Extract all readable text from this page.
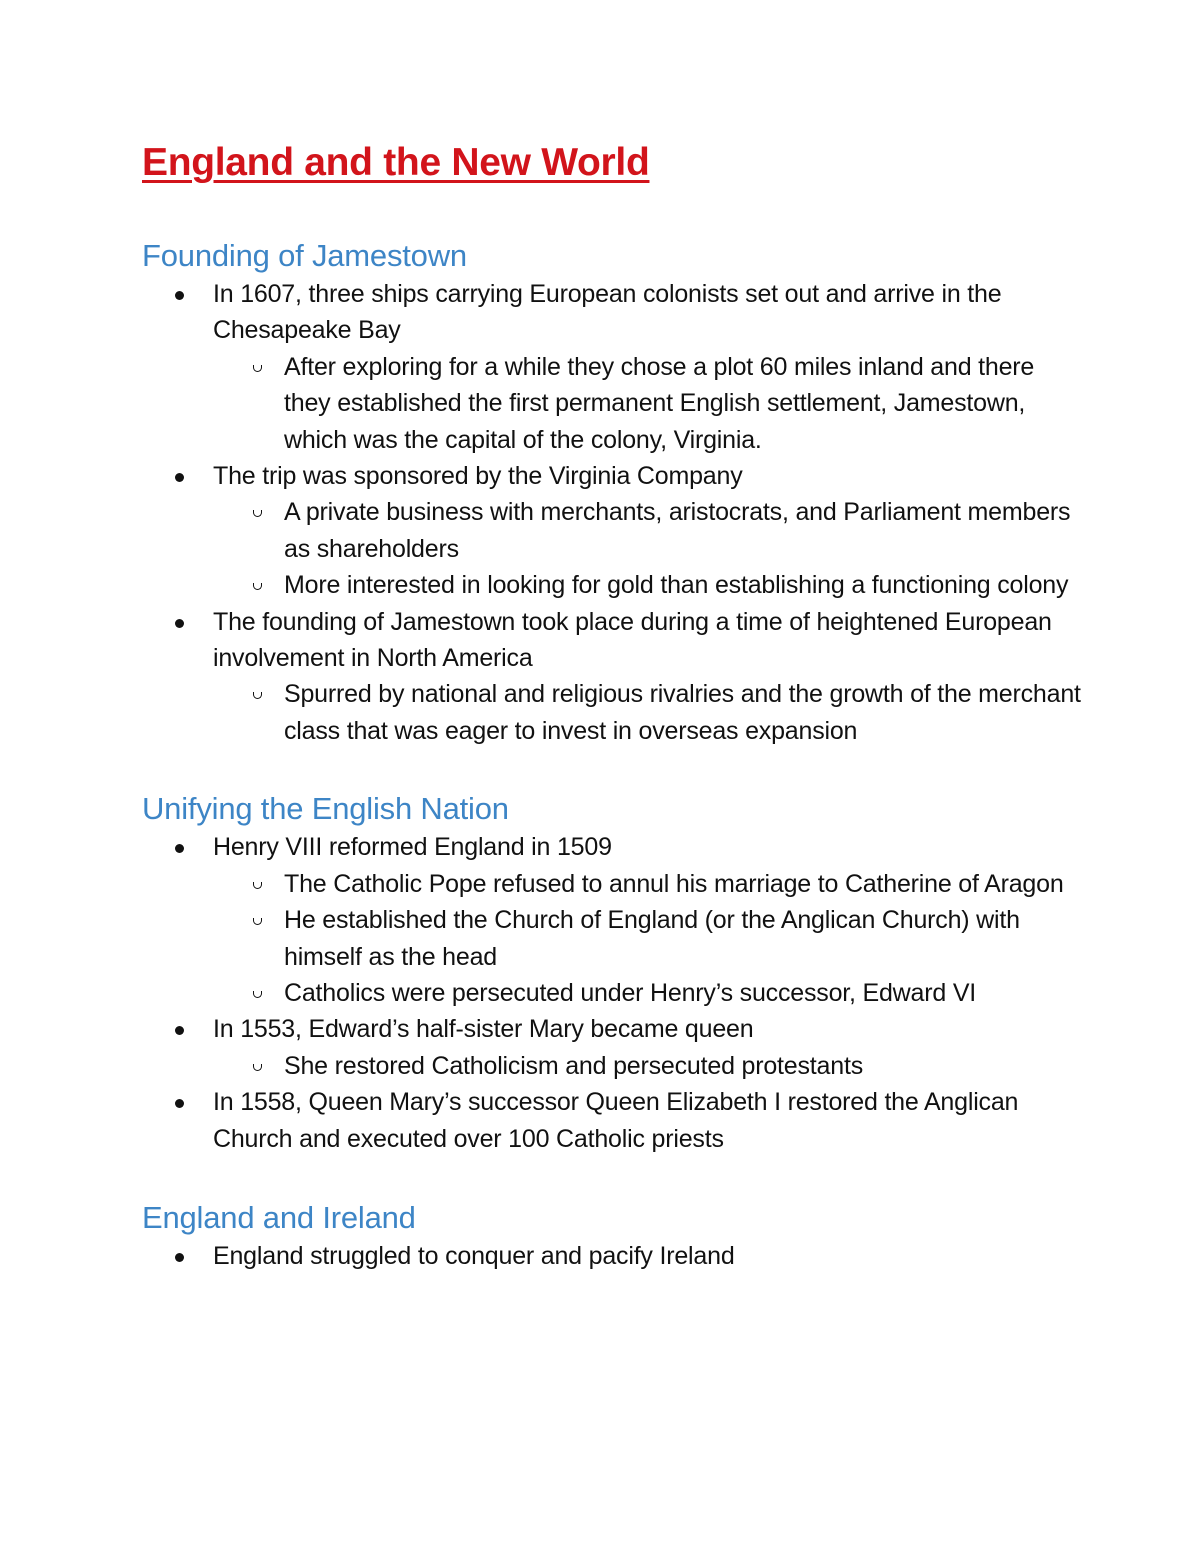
England and the New World
Founding of Jamestown
In 1607, three ships carrying European colonists set out and arrive in the Chesapeake Bay
After exploring for a while they chose a plot 60 miles inland and there they established the first permanent English settlement, Jamestown, which was the capital of the colony, Virginia.
The trip was sponsored by the Virginia Company
A private business with merchants, aristocrats, and Parliament members as shareholders
More interested in looking for gold than establishing a functioning colony
The founding of Jamestown took place during a time of heightened European involvement in North America
Spurred by national and religious rivalries and the growth of the merchant class that was eager to invest in overseas expansion
Unifying the English Nation
Henry VIII reformed England in 1509
The Catholic Pope refused to annul his marriage to Catherine of Aragon
He established the Church of England (or the Anglican Church) with himself as the head
Catholics were persecuted under Henry’s successor, Edward VI
In 1553, Edward’s half-sister Mary became queen
She restored Catholicism and persecuted protestants
In 1558, Queen Mary’s successor Queen Elizabeth I restored the Anglican Church and executed over 100 Catholic priests
England and Ireland
England struggled to conquer and pacify Ireland
